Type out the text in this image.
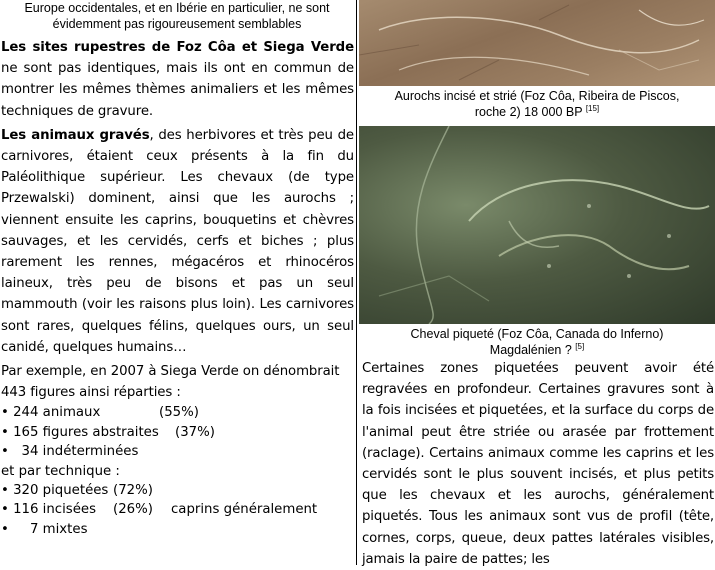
Europe occidentales, et en Ibérie en particulier, ne sont évidemment pas rigoureusement semblables

Les sites rupestres de Foz Côa et Siega Verde ne sont pas identiques, mais ils ont en commun de montrer les mêmes thèmes animaliers et les mêmes techniques de gravure.

Les animaux gravés, des herbivores et très peu de carnivores, étaient ceux présents à la fin du Paléolithique supérieur. Les chevaux (de type Przewalski) dominent, ainsi que les aurochs ; viennent ensuite les caprins, bouquetins et chèvres sauvages, et les cervidés, cerfs et biches ; plus rarement les rennes, mégacéros et rhinocéros laineux, très peu de bisons et pas un seul mammouth (voir les raisons plus loin). Les carnivores sont rares, quelques félins, quelques ours, un seul canidé, quelques humains…

Par exemple, en 2007 à Siega Verde on dénombrait 443 figures ainsi réparties :

• 244 animaux	(55%)
• 165 figures abstraites	(37%)
•   34 indéterminées
et par technique :
• 320 piquetées (72%)
• 116 incisées	(26%)	caprins généralement
•     7 mixtes
Aurochs incisé et strié (Foz Côa, Ribeira de Piscos,
roche 2) 18 000 BP [15]
Cheval piqueté (Foz Côa, Canada do Inferno)
Magdalénien ? [5]
Certaines zones piquetées peuvent avoir été regravées en profondeur. Certaines gravures sont à la fois incisées et piquetées, et la surface du corps de l'animal peut être striée ou arasée par frottement (raclage). Certains animaux comme les caprins et les cervidés sont le plus souvent incisés, et plus petits que les chevaux et les aurochs, généralement piquetés. Tous les animaux sont vus de profil (tête, cornes, corps, queue, deux pattes latérales visibles, jamais la paire de pattes; les
